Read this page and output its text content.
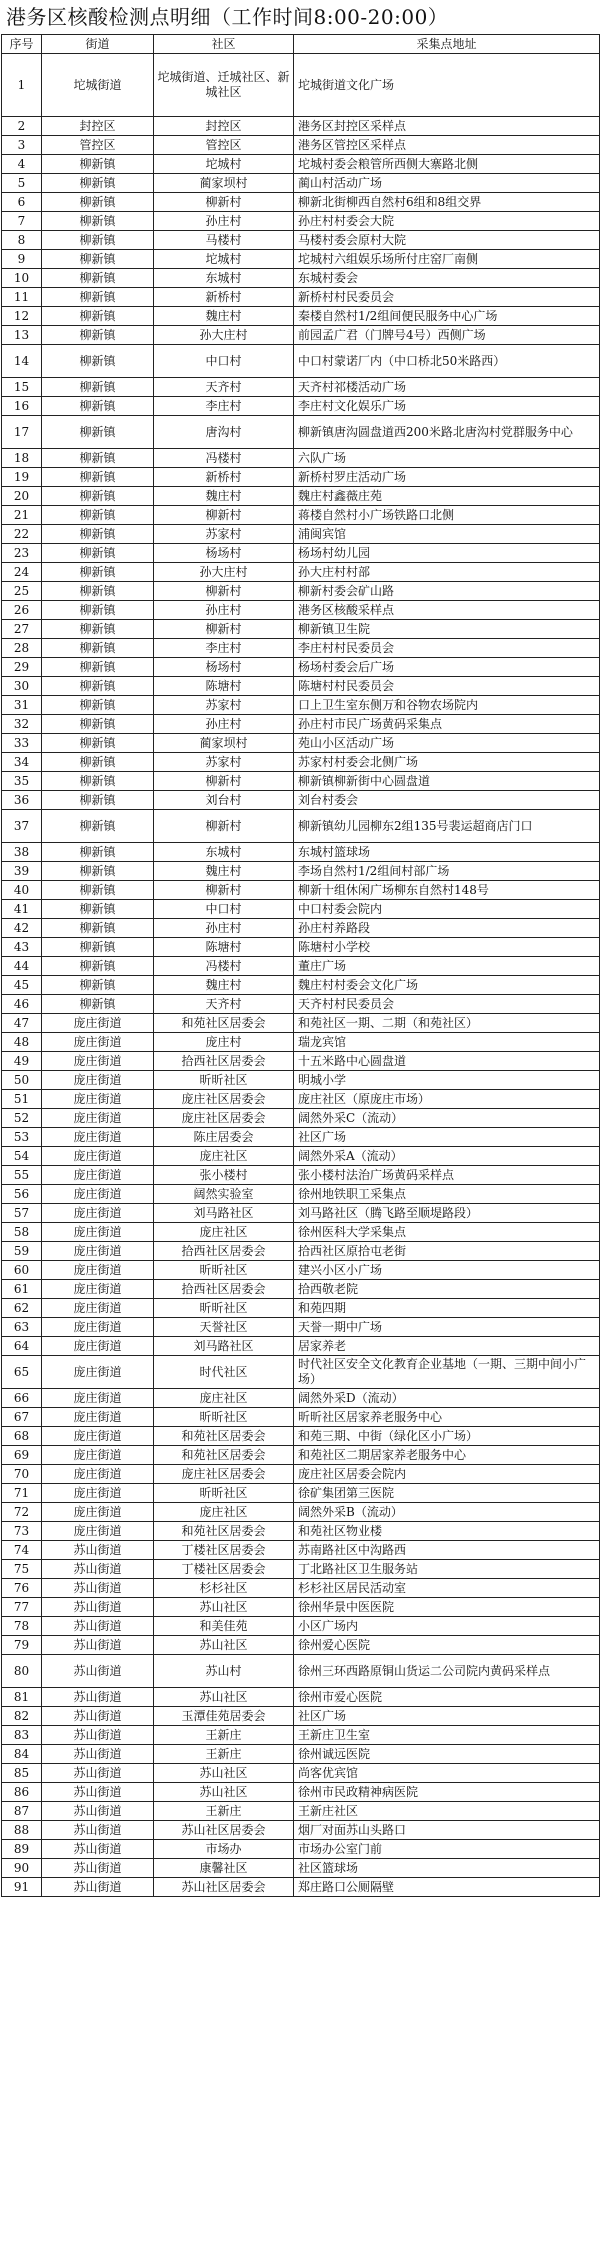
港务区核酸检测点明细（工作时间8:00-20:00）
序号	街道	社区	采集点地址
1	坨城街道	坨城街道、迁城社区、新城社区	坨城街道文化广场
2	封控区	封控区	港务区封控区采样点
3	管控区	管控区	港务区管控区采样点
4	柳新镇	坨城村	坨城村委会粮管所西侧大寨路北侧
5	柳新镇	蔺家坝村	蔺山村活动广场
6	柳新镇	柳新村	柳新北街柳西自然村6组和8组交界
7	柳新镇	孙庄村	孙庄村村委会大院
8	柳新镇	马楼村	马楼村委会原村大院
9	柳新镇	坨城村	坨城村六组娱乐场所付庄窑厂南侧
10	柳新镇	东城村	东城村委会
11	柳新镇	新桥村	新桥村村民委员会
12	柳新镇	魏庄村	秦楼自然村1/2组间便民服务中心广场
13	柳新镇	孙大庄村	前园孟广君（门牌号4号）西侧广场
14	柳新镇	中口村	中口村蒙诺厂内（中口桥北50米路西）
15	柳新镇	天齐村	天齐村祁楼活动广场
16	柳新镇	李庄村	李庄村文化娱乐广场
17	柳新镇	唐沟村	柳新镇唐沟圆盘道西200米路北唐沟村党群服务中心
18	柳新镇	冯楼村	六队广场
19	柳新镇	新桥村	新桥村罗庄活动广场
20	柳新镇	魏庄村	魏庄村鑫薇庄苑
21	柳新镇	柳新村	蒋楼自然村小广场铁路口北侧
22	柳新镇	苏家村	浦闽宾馆
23	柳新镇	杨场村	杨场村幼儿园
24	柳新镇	孙大庄村	孙大庄村村部
25	柳新镇	柳新村	柳新村委会矿山路
26	柳新镇	孙庄村	港务区核酸采样点
27	柳新镇	柳新村	柳新镇卫生院
28	柳新镇	李庄村	李庄村村民委员会
29	柳新镇	杨场村	杨场村委会后广场
30	柳新镇	陈塘村	陈塘村村民委员会
31	柳新镇	苏家村	口上卫生室东侧万和谷物农场院内
32	柳新镇	孙庄村	孙庄村市民广场黄码采集点
33	柳新镇	蔺家坝村	苑山小区活动广场
34	柳新镇	苏家村	苏家村村委会北侧广场
35	柳新镇	柳新村	柳新镇柳新街中心圆盘道
36	柳新镇	刘台村	刘台村委会
37	柳新镇	柳新村	柳新镇幼儿园柳东2组135号裴运超商店门口
38	柳新镇	东城村	东城村篮球场
39	柳新镇	魏庄村	李场自然村1/2组间村部广场
40	柳新镇	柳新村	柳新十组休闲广场柳东自然村148号
41	柳新镇	中口村	中口村委会院内
42	柳新镇	孙庄村	孙庄村养路段
43	柳新镇	陈塘村	陈塘村小学校
44	柳新镇	冯楼村	董庄广场
45	柳新镇	魏庄村	魏庄村村委会文化广场
46	柳新镇	天齐村	天齐村村民委员会
47	庞庄街道	和苑社区居委会	和苑社区一期、二期（和苑社区）
48	庞庄街道	庞庄村	瑞龙宾馆
49	庞庄街道	拾西社区居委会	十五米路中心圆盘道
50	庞庄街道	昕昕社区	明城小学
51	庞庄街道	庞庄社区居委会	庞庄社区（原庞庄市场）
52	庞庄街道	庞庄社区居委会	阔然外采C（流动）
53	庞庄街道	陈庄居委会	社区广场
54	庞庄街道	庞庄社区	阔然外采A（流动）
55	庞庄街道	张小楼村	张小楼村法治广场黄码采样点
56	庞庄街道	阔然实验室	徐州地铁职工采集点
57	庞庄街道	刘马路社区	刘马路社区（腾飞路至顺堤路段）
58	庞庄街道	庞庄社区	徐州医科大学采集点
59	庞庄街道	拾西社区居委会	拾西社区原拾屯老街
60	庞庄街道	昕昕社区	建兴小区小广场
61	庞庄街道	拾西社区居委会	拾西敬老院
62	庞庄街道	昕昕社区	和苑四期
63	庞庄街道	天誉社区	天誉一期中广场
64	庞庄街道	刘马路社区	居家养老
65	庞庄街道	时代社区	时代社区安全文化教育企业基地（一期、三期中间小广场）
66	庞庄街道	庞庄社区	阔然外采D（流动）
67	庞庄街道	昕昕社区	昕昕社区居家养老服务中心
68	庞庄街道	和苑社区居委会	和苑三期、中街（绿化区小广场）
69	庞庄街道	和苑社区居委会	和苑社区二期居家养老服务中心
70	庞庄街道	庞庄社区居委会	庞庄社区居委会院内
71	庞庄街道	昕昕社区	徐矿集团第三医院
72	庞庄街道	庞庄社区	阔然外采B（流动）
73	庞庄街道	和苑社区居委会	和苑社区物业楼
74	苏山街道	丁楼社区居委会	苏南路社区中沟路西
75	苏山街道	丁楼社区居委会	丁北路社区卫生服务站
76	苏山街道	杉杉社区	杉杉社区居民活动室
77	苏山街道	苏山社区	徐州华景中医医院
78	苏山街道	和美佳苑	小区广场内
79	苏山街道	苏山社区	徐州爱心医院
80	苏山街道	苏山村	徐州三环西路原铜山货运二公司院内黄码采样点
81	苏山街道	苏山社区	徐州市爱心医院
82	苏山街道	玉潭佳苑居委会	社区广场
83	苏山街道	王新庄	王新庄卫生室
84	苏山街道	王新庄	徐州诚远医院
85	苏山街道	苏山社区	尚客优宾馆
86	苏山街道	苏山社区	徐州市民政精神病医院
87	苏山街道	王新庄	王新庄社区
88	苏山街道	苏山社区居委会	烟厂对面苏山头路口
89	苏山街道	市场办	市场办公室门前
90	苏山街道	康馨社区	社区篮球场
91	苏山街道	苏山社区居委会	郑庄路口公厕隔壁
